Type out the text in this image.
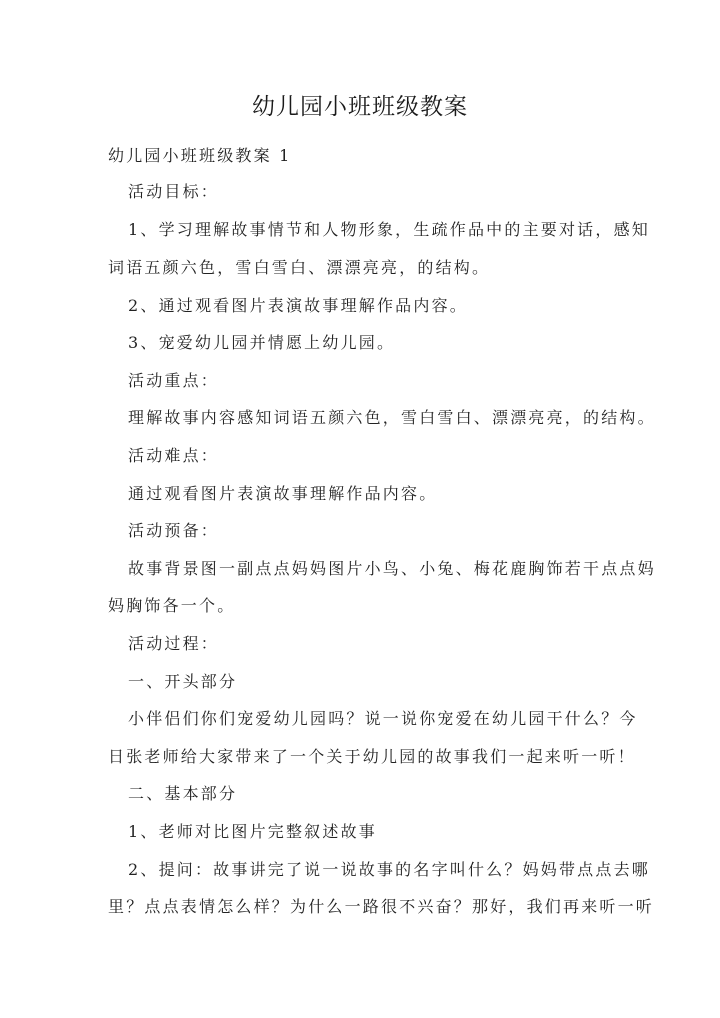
幼儿园小班班级教案
幼儿园小班班级教案 1
活动目标：
1、学习理解故事情节和人物形象，生疏作品中的主要对话，感知
词语五颜六色，雪白雪白、漂漂亮亮，的结构。
2、通过观看图片表演故事理解作品内容。
3、宠爱幼儿园并情愿上幼儿园。
活动重点：
理解故事内容感知词语五颜六色，雪白雪白、漂漂亮亮，的结构。
活动难点：
通过观看图片表演故事理解作品内容。
活动预备：
故事背景图一副点点妈妈图片小鸟、小兔、梅花鹿胸饰若干点点妈
妈胸饰各一个。
活动过程：
一、开头部分
小伴侣们你们宠爱幼儿园吗？说一说你宠爱在幼儿园干什么？今
日张老师给大家带来了一个关于幼儿园的故事我们一起来听一听！
二、基本部分
1、老师对比图片完整叙述故事
2、提问：故事讲完了说一说故事的名字叫什么？妈妈带点点去哪
里？点点表情怎么样？为什么一路很不兴奋？那好，我们再来听一听
